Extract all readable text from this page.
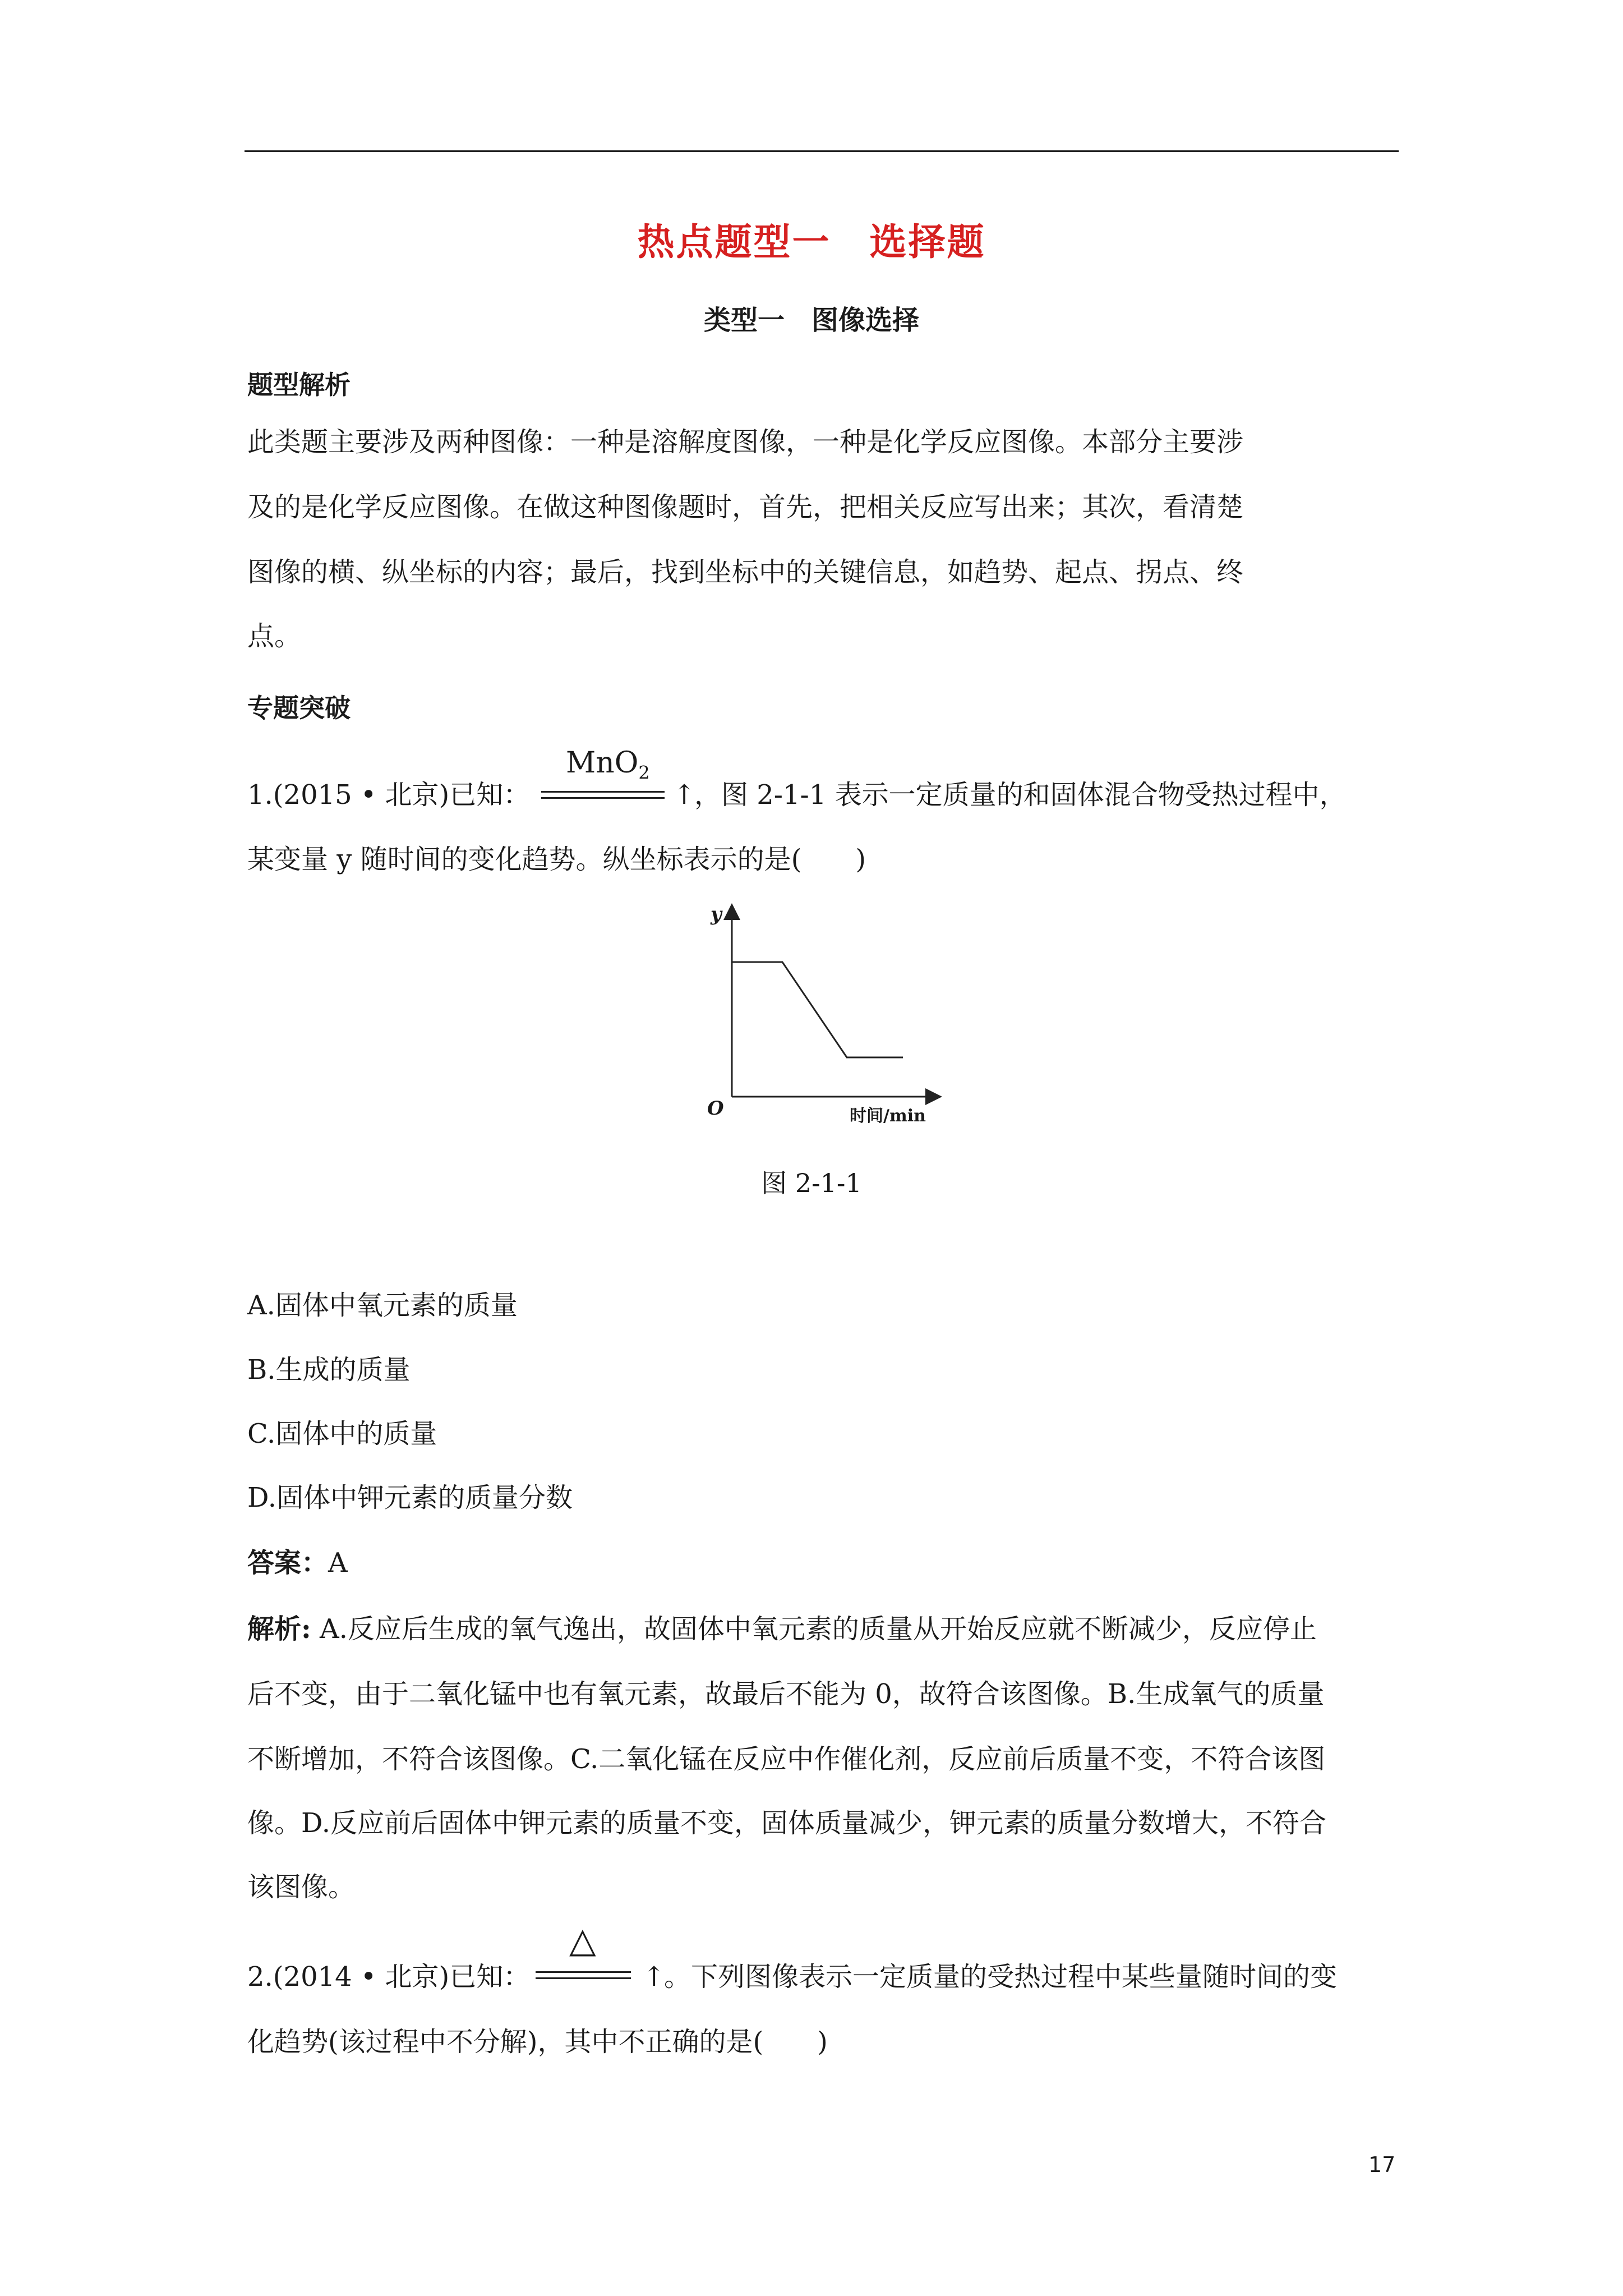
热点题型一　选择题
类型一　图像选择
题型解析
此类题主要涉及两种图像：一种是溶解度图像，一种是化学反应图像。本部分主要涉
及的是化学反应图像。在做这种图像题时，首先，把相关反应写出来；其次，看清楚
图像的横、纵坐标的内容；最后，找到坐标中的关键信息，如趋势、起点、拐点、终
点。
专题突破
1.(2015 • 北京)已知：
MnO$_2$
↑
，图 2-1-1 表示一定质量的和固体混合物受热过程中，
某变量 y 随时间的变化趋势。纵坐标表示的是(　　)
y
O	时间/min
图 2-1-1
A.固体中氧元素的质量
B.生成的质量
C.固体中的质量
D.固体中钾元素的质量分数
答案：A
解析: A.反应后生成的氧气逸出，故固体中氧元素的质量从开始反应就不断减少，反应停止
后不变，由于二氧化锰中也有氧元素，故最后不能为 0，故符合该图像。B.生成氧气的质量
不断增加，不符合该图像。C.二氧化锰在反应中作催化剂，反应前后质量不变，不符合该图
像。D.反应前后固体中钾元素的质量不变，固体质量减少，钾元素的质量分数增大，不符合
该图像。
2.(2014 • 北京)已知：
△
↑
。下列图像表示一定质量的受热过程中某些量随时间的变
化趋势(该过程中不分解)，其中不正确的是(　　)
17
